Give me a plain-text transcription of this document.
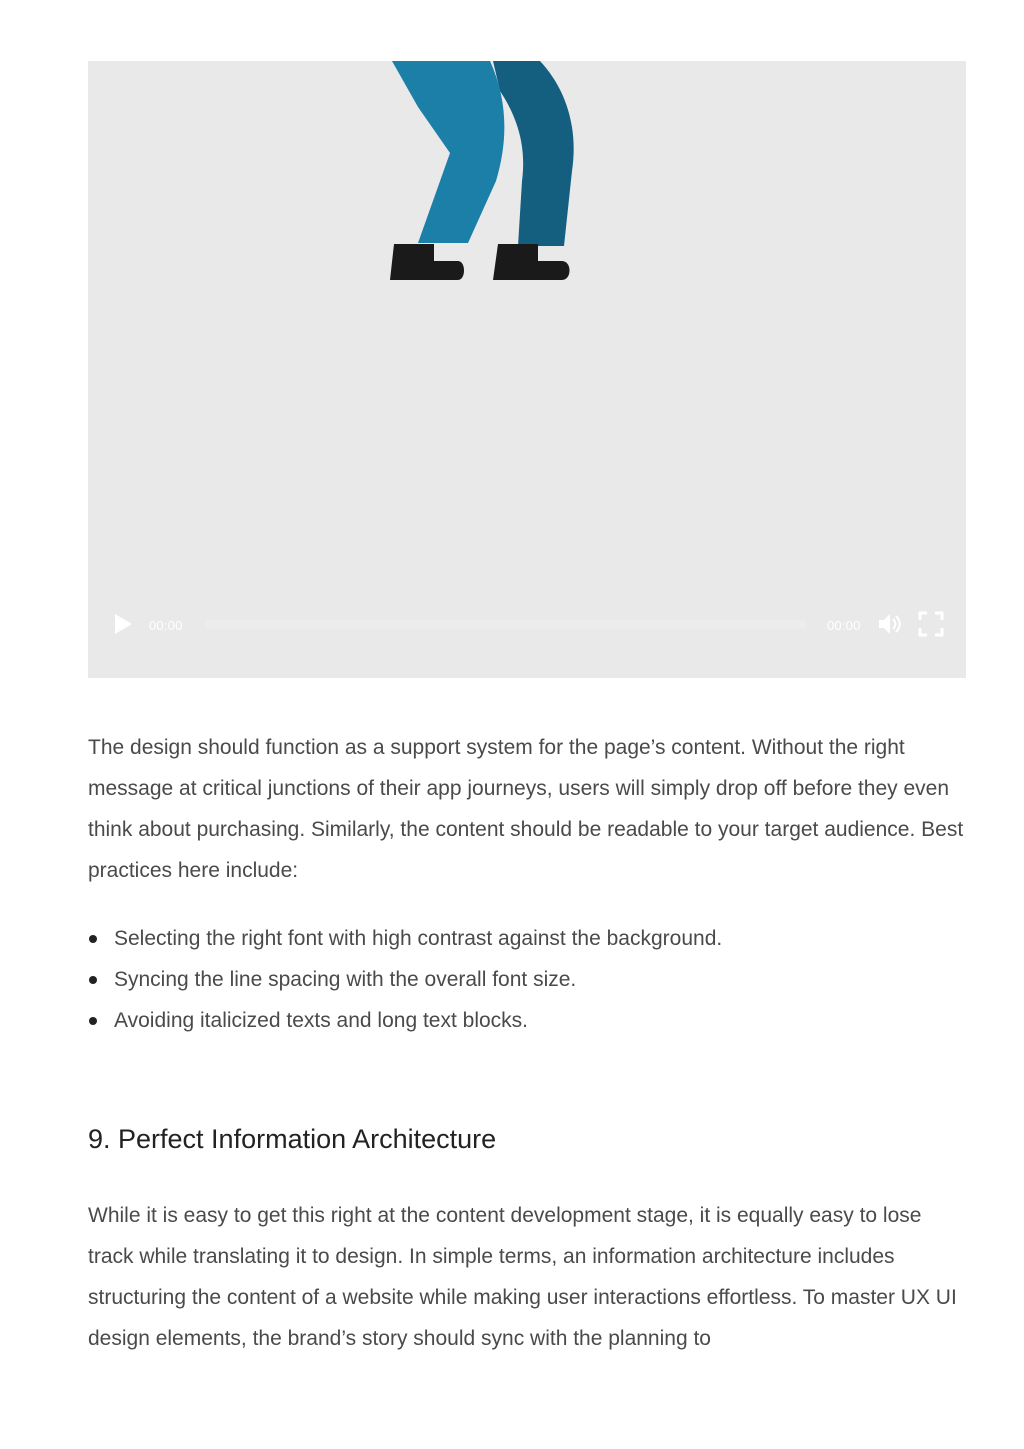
00:00	00:00

The design should function as a support system for the page’s content. Without the right message at critical junctions of their app journeys, users will simply drop off before they even think about purchasing. Similarly, the content should be readable to your target audience. Best practices here include:

Selecting the right font with high contrast against the background.
Syncing the line spacing with the overall font size.
Avoiding italicized texts and long text blocks.
9. Perfect Information Architecture

While it is easy to get this right at the content development stage, it is equally easy to lose track while translating it to design. In simple terms, an information architecture includes structuring the content of a website while making user interactions effortless. To master UX UI design elements, the brand’s story should sync with the planning to
